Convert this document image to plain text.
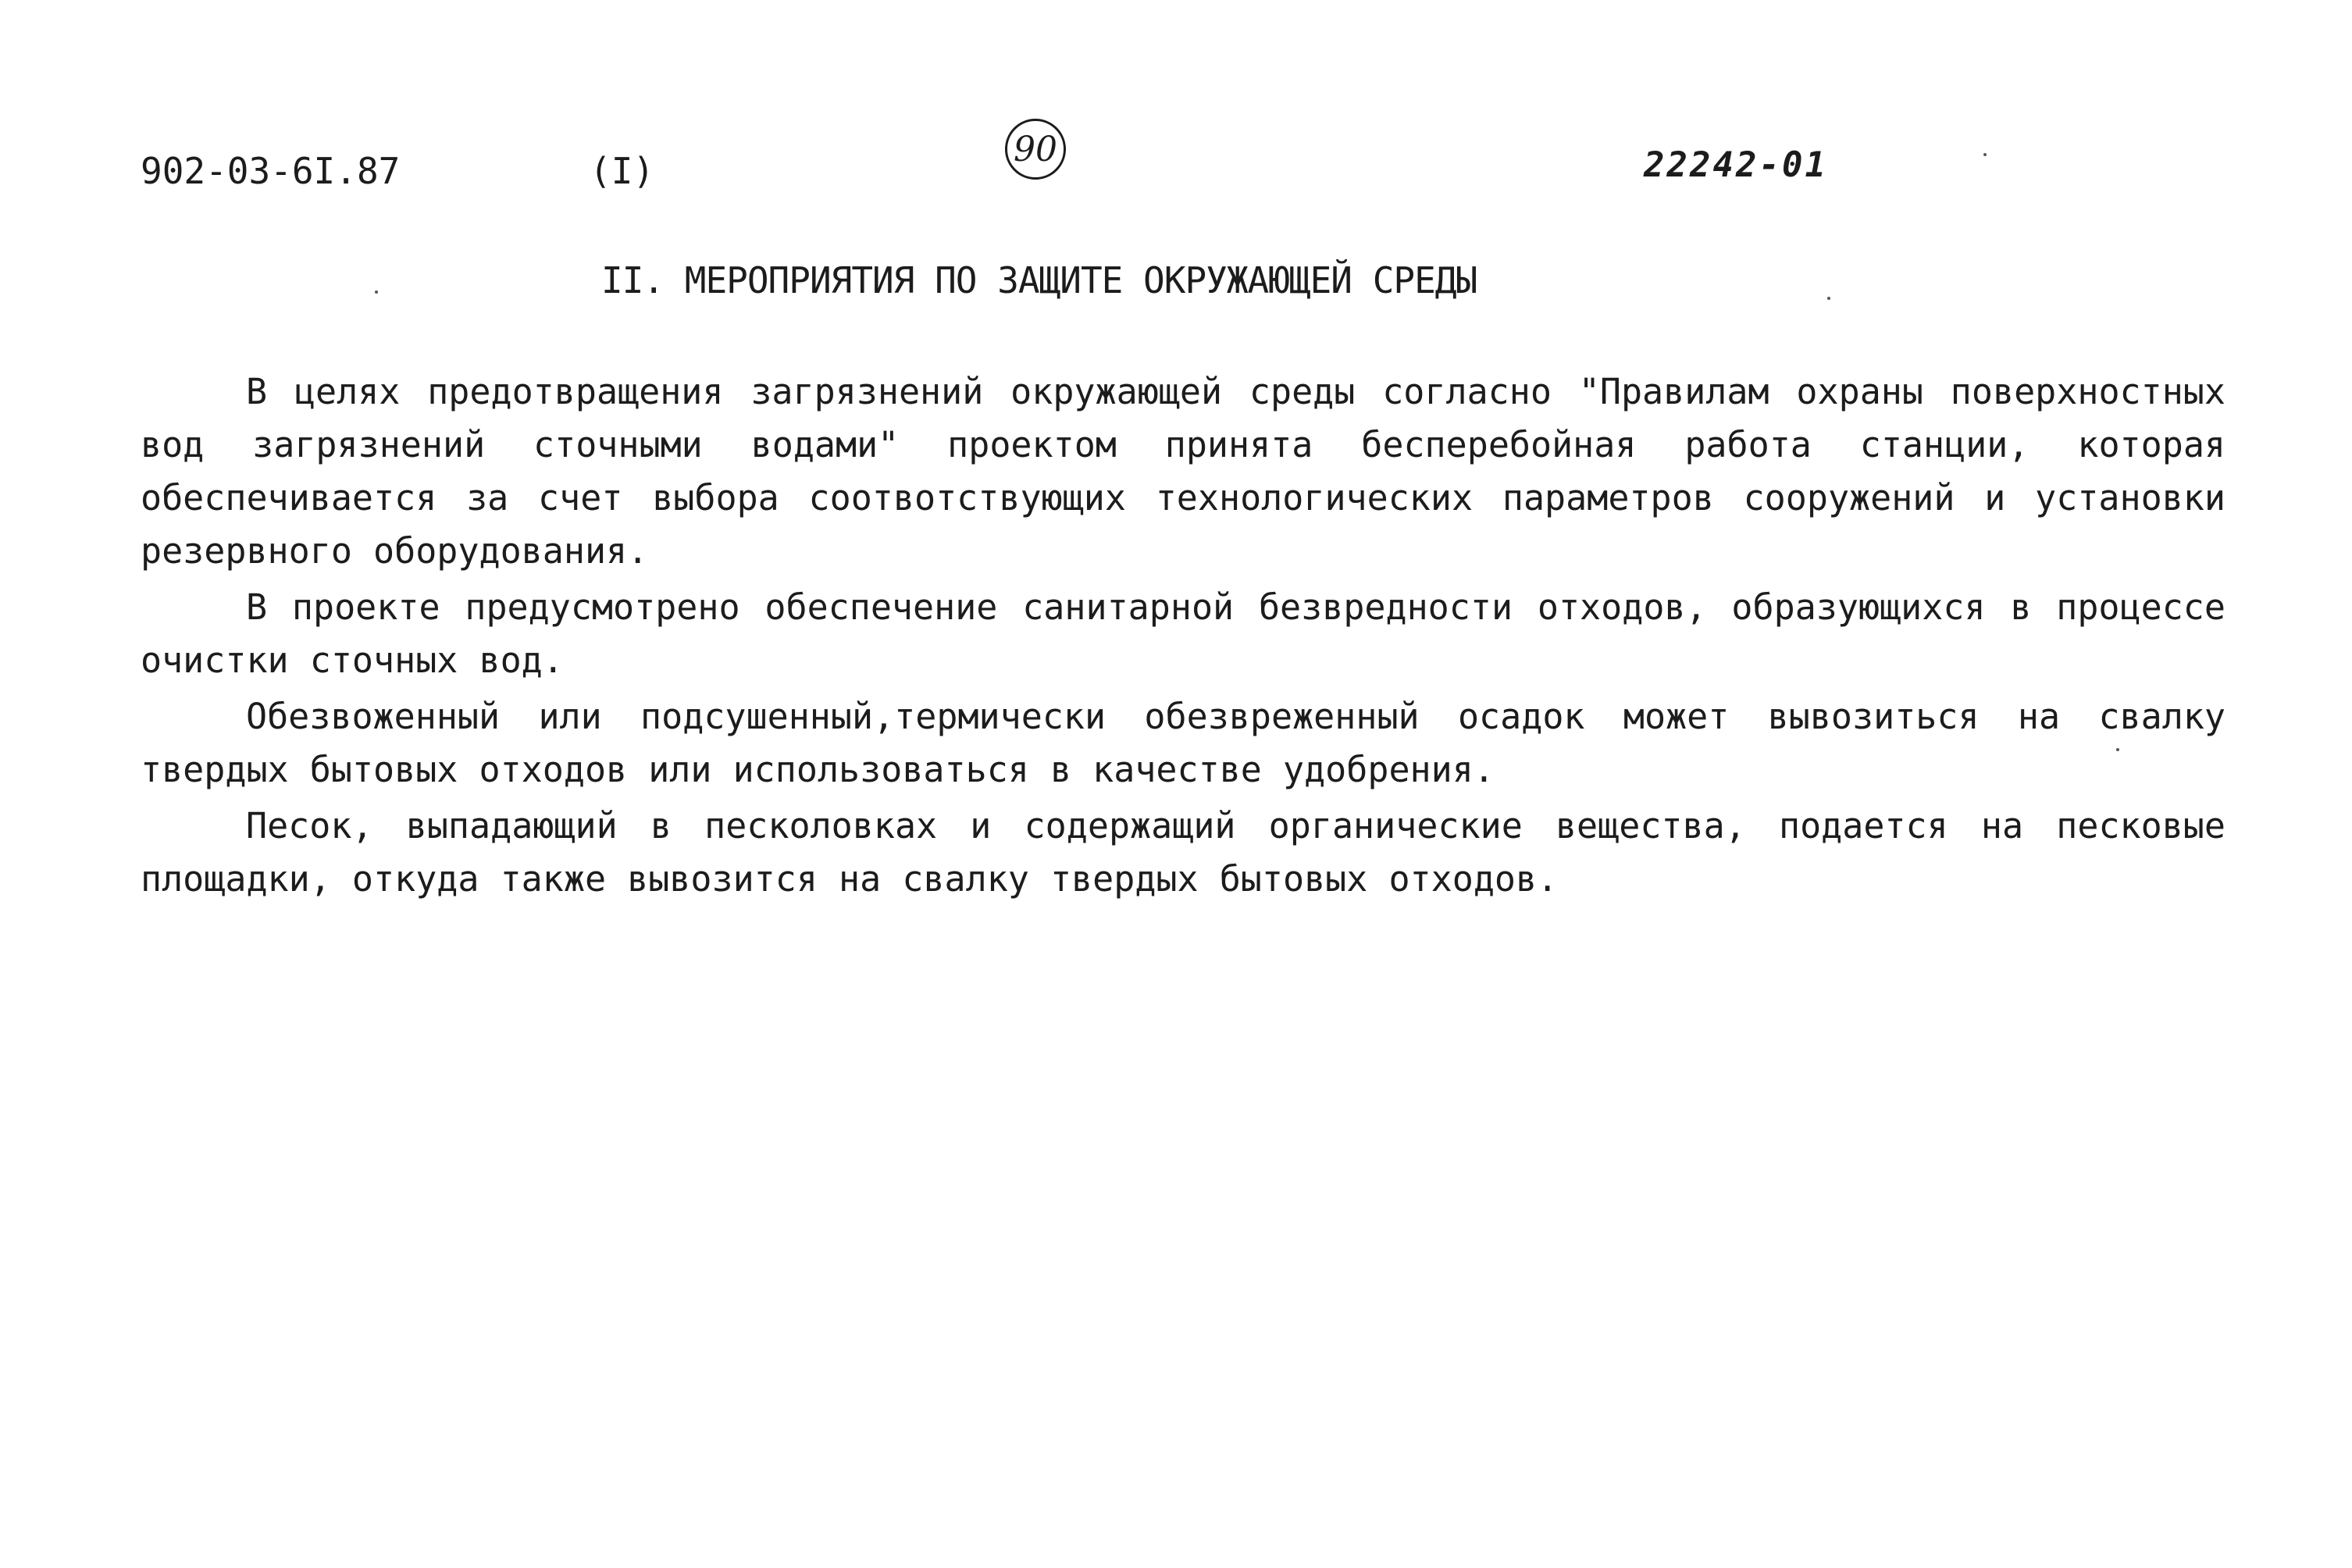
902-03-6I.87	(I)
90	22242-01
II. МЕРОПРИЯТИЯ ПО ЗАЩИТЕ ОКРУЖАЮЩЕЙ СРЕДЫ

В целях предотвращения загрязнений окружающей среды согласно "Правилам охраны поверхностных вод загрязнений сточными водами" проектом принята бесперебойная работа станции, которая обеспечивается за счет выбора соотвотствующих технологических параметров сооружений и установки резервного оборудования.

В проекте предусмотрено обеспечение санитарной безвредности отходов, образующихся в процессе очистки сточных вод.

Обезвоженный или подсушенный,термически обезвреженный осадок может вывозиться на свалку твердых бытовых отходов или использоваться в качестве удобрения.

Песок, выпадающий в песколовках и содержащий органические вещества, подается на песковые площадки, откуда также вывозится на свалку твердых бытовых отходов.
